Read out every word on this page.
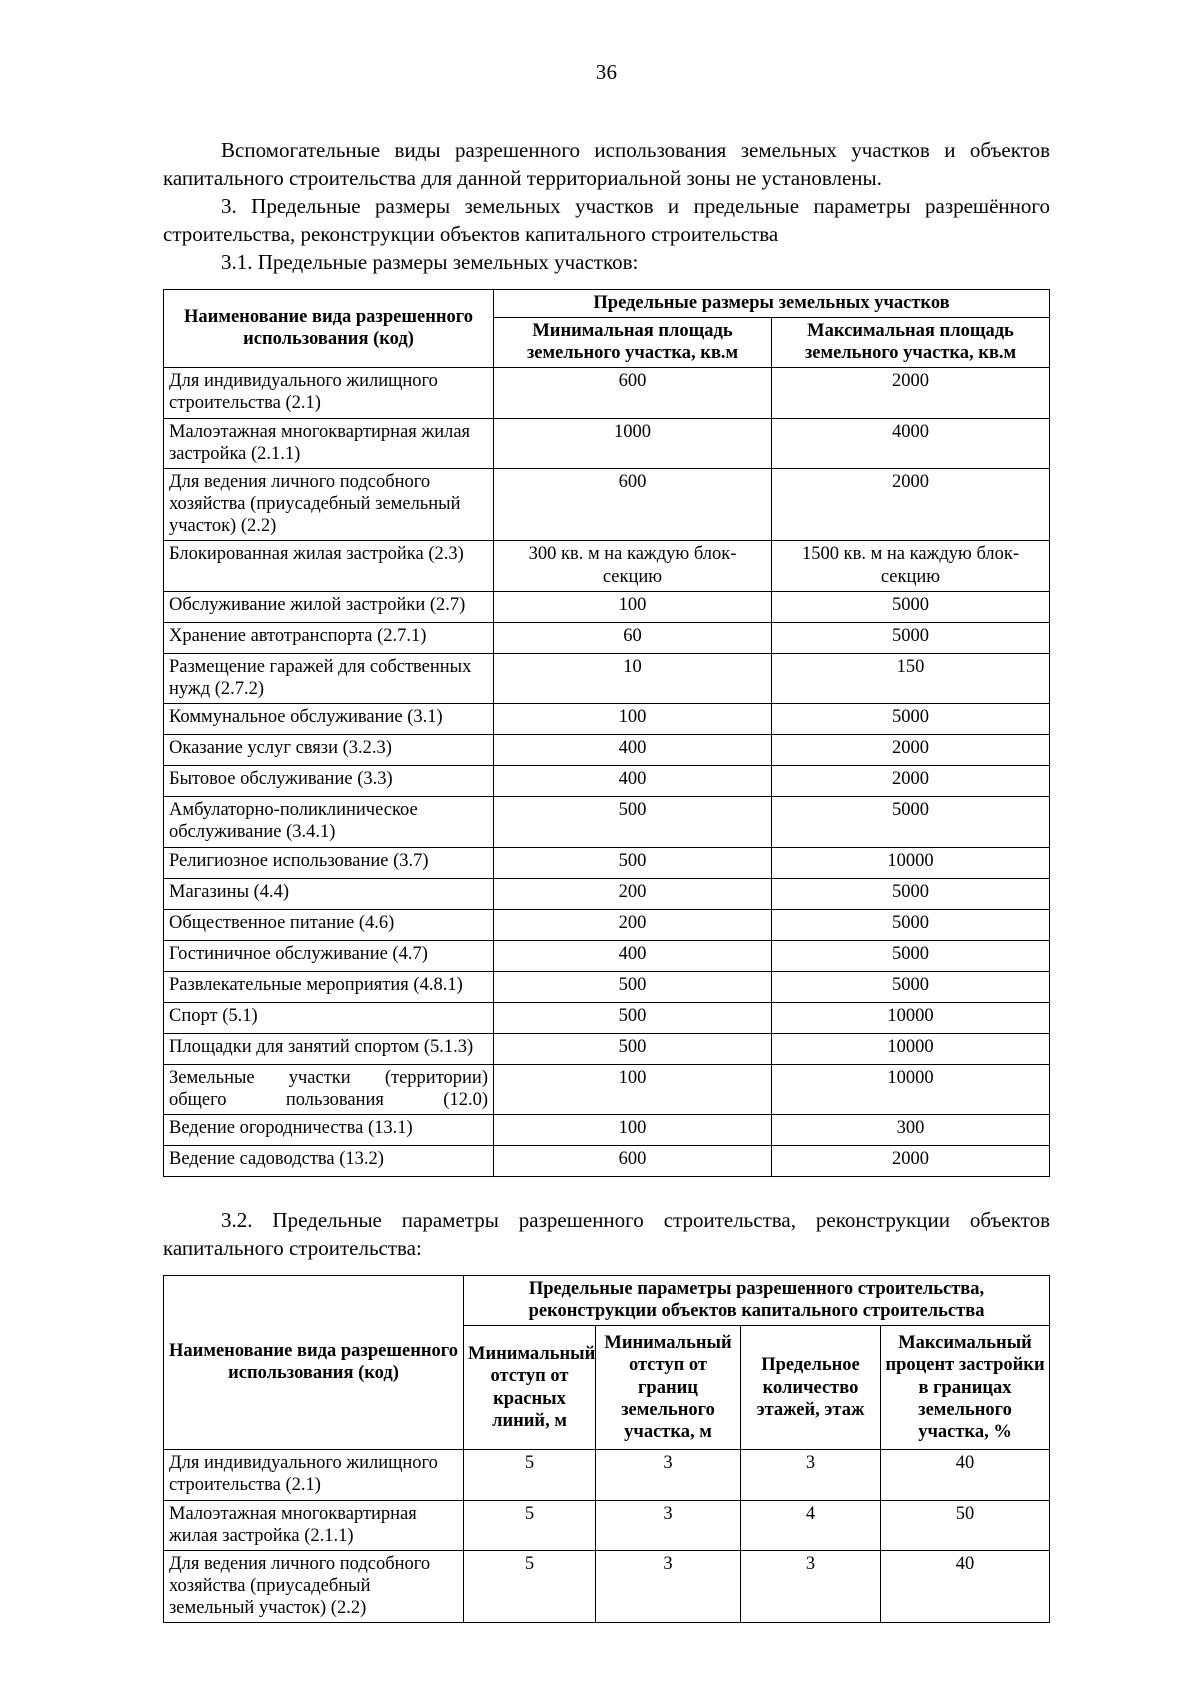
36

Вспомогательные виды разрешенного использования земельных участков и объектов капитального строительства для данной территориальной зоны не установлены.

3. Предельные размеры земельных участков и предельные параметры разрешённого строительства, реконструкции объектов капитального строительства

3.1. Предельные размеры земельных участков:

Наименование вида разрешенного использования (код)	Предельные размеры земельных участков	
	Минимальная площадь земельного участка, кв.м	Максимальная площадь земельного участка, кв.м
Для индивидуального жилищного строительства (2.1)	600	2000
Малоэтажная многоквартирная жилая застройка (2.1.1)	1000	4000
Для ведения личного подсобного хозяйства (приусадебный земельный участок) (2.2)	600	2000
Блокированная жилая застройка (2.3)	300 кв. м на каждую блок-секцию	1500 кв. м на каждую блок-секцию
Обслуживание жилой застройки (2.7)	100	5000
Хранение автотранспорта (2.7.1)	60	5000
Размещение гаражей для собственных нужд (2.7.2)	10	150
Коммунальное обслуживание (3.1)	100	5000
Оказание услуг связи (3.2.3)	400	2000
Бытовое обслуживание (3.3)	400	2000
Амбулаторно-поликлиническое обслуживание (3.4.1)	500	5000
Религиозное использование (3.7)	500	10000
Магазины (4.4)	200	5000
Общественное питание (4.6)	200	5000
Гостиничное обслуживание (4.7)	400	5000
Развлекательные мероприятия (4.8.1)	500	5000
Спорт (5.1)	500	10000
Площадки для занятий спортом (5.1.3)	500	10000
Земельные участки (территории) общего пользования (12.0)	100	10000
Ведение огородничества (13.1)	100	300
Ведение садоводства (13.2)	600	2000

3.2. Предельные параметры разрешенного строительства, реконструкции объектов капитального строительства:

Наименование вида разрешенного использования (код)	Предельные параметры разрешенного строительства, реконструкции объектов капитального строительства			
	Минимальный отступ от красных линий, м	Минимальный отступ от границ земельного участка, м	Предельное количество этажей, этаж	Максимальный процент застройки в границах земельного участка, %
Для индивидуального жилищного строительства (2.1)	5	3	3	40
Малоэтажная многоквартирная жилая застройка (2.1.1)	5	3	4	50
Для ведения личного подсобного хозяйства (приусадебный земельный участок) (2.2)	5	3	3	40
